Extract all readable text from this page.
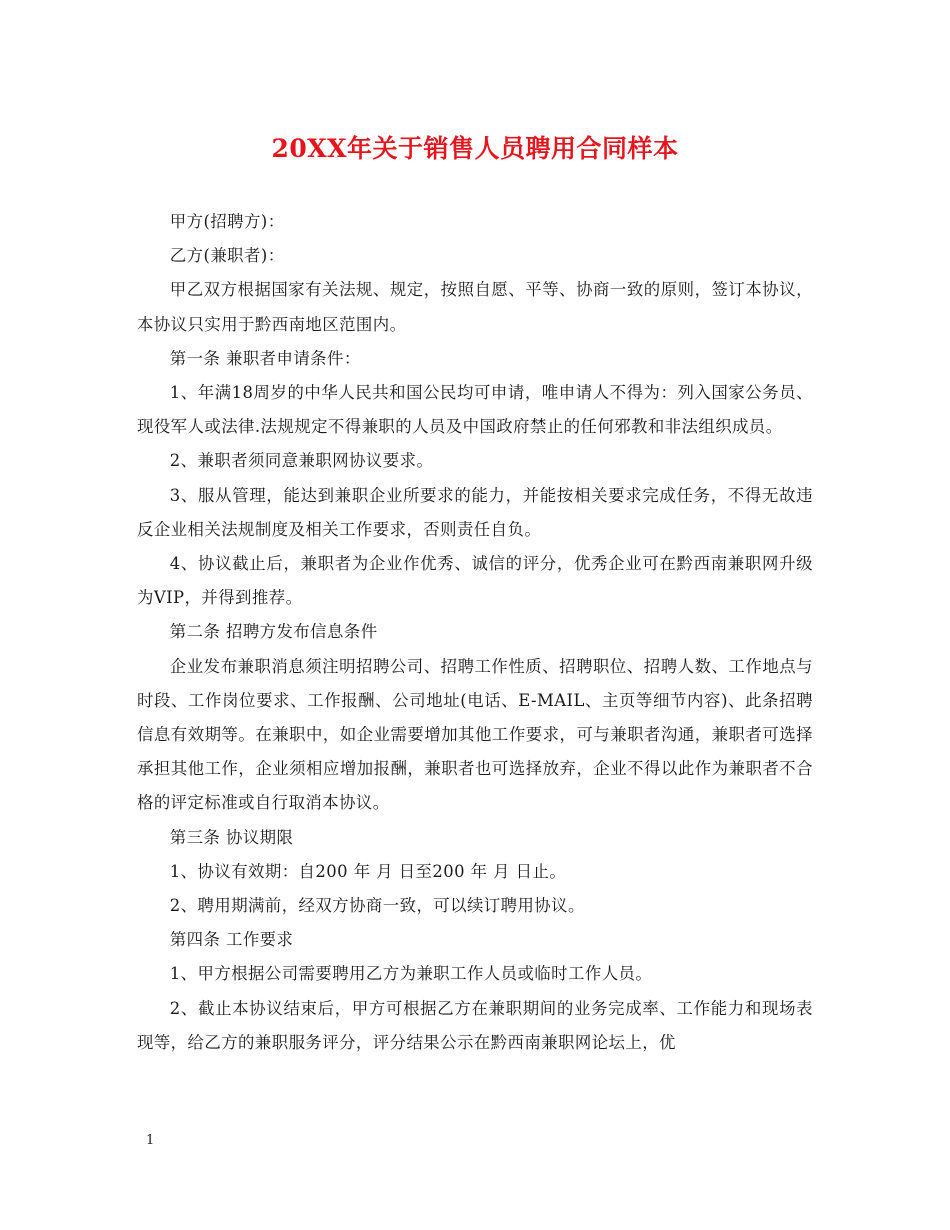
20XX年关于销售人员聘用合同样本

甲方(招聘方)：

乙方(兼职者)：

甲乙双方根据国家有关法规、规定，按照自愿、平等、协商一致的原则，签订本协议，本协议只实用于黔西南地区范围内。

第一条 兼职者申请条件：

1、年满18周岁的中华人民共和国公民均可申请，唯申请人不得为：列入国家公务员、现役军人或法律.法规规定不得兼职的人员及中国政府禁止的任何邪教和非法组织成员。

2、兼职者须同意兼职网协议要求。

3、服从管理，能达到兼职企业所要求的能力，并能按相关要求完成任务，不得无故违反企业相关法规制度及相关工作要求，否则责任自负。

4、协议截止后，兼职者为企业作优秀、诚信的评分，优秀企业可在黔西南兼职网升级为VIP，并得到推荐。

第二条 招聘方发布信息条件

企业发布兼职消息须注明招聘公司、招聘工作性质、招聘职位、招聘人数、工作地点与时段、工作岗位要求、工作报酬、公司地址(电话、E-MAIL、主页等细节内容)、此条招聘信息有效期等。在兼职中，如企业需要增加其他工作要求，可与兼职者沟通，兼职者可选择承担其他工作，企业须相应增加报酬，兼职者也可选择放弃，企业不得以此作为兼职者不合格的评定标准或自行取消本协议。

第三条 协议期限

1、协议有效期：自200 年 月 日至200 年 月 日止。

2、聘用期满前，经双方协商一致，可以续订聘用协议。

第四条 工作要求

1、甲方根据公司需要聘用乙方为兼职工作人员或临时工作人员。

2、截止本协议结束后，甲方可根据乙方在兼职期间的业务完成率、工作能力和现场表现等，给乙方的兼职服务评分，评分结果公示在黔西南兼职网论坛上，优

1
